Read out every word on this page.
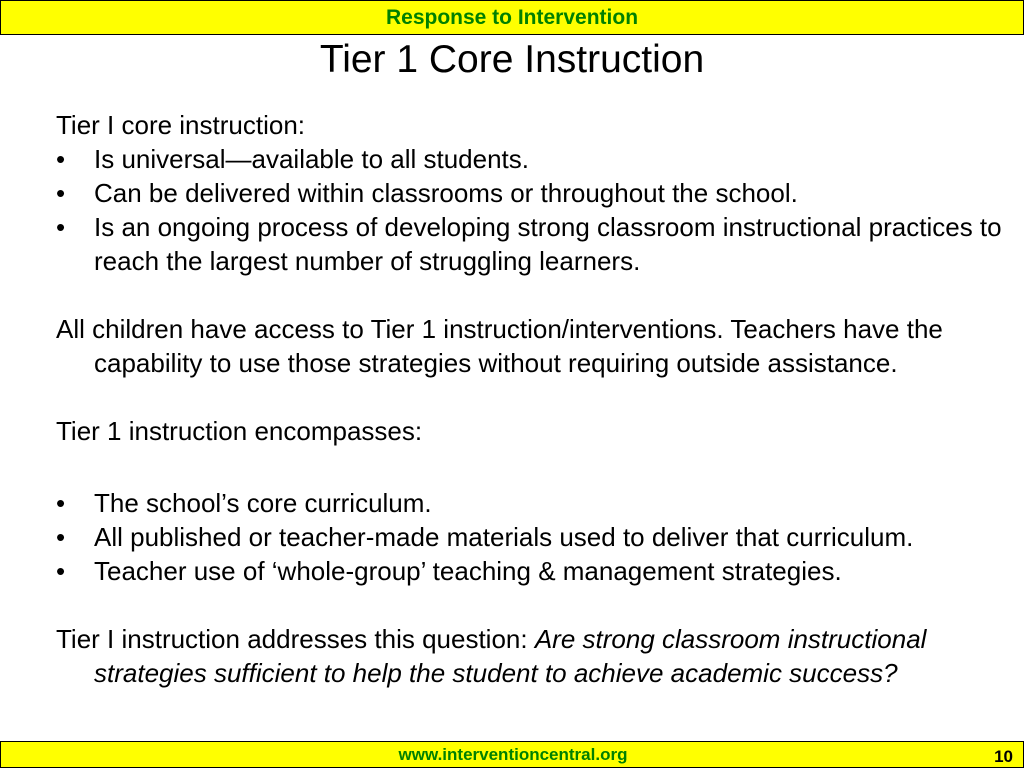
Response to Intervention
Tier 1 Core Instruction

Tier I core instruction:

•	Is universal—available to all students.
•	Can be delivered within classrooms or throughout the school.
•	Is an ongoing process of developing strong classroom instructional practices to reach the largest number of struggling learners.

All children have access to Tier 1 instruction/interventions. Teachers have the capability to use those strategies without requiring outside assistance.

Tier 1 instruction encompasses:

•	The school’s core curriculum.
•	All published or teacher-made materials used to deliver that curriculum.
•	Teacher use of ‘whole-group’ teaching & management strategies.

Tier I instruction addresses this question: Are strong classroom instructional strategies sufficient to help the student to achieve academic success?

www.interventioncentral.org	10
